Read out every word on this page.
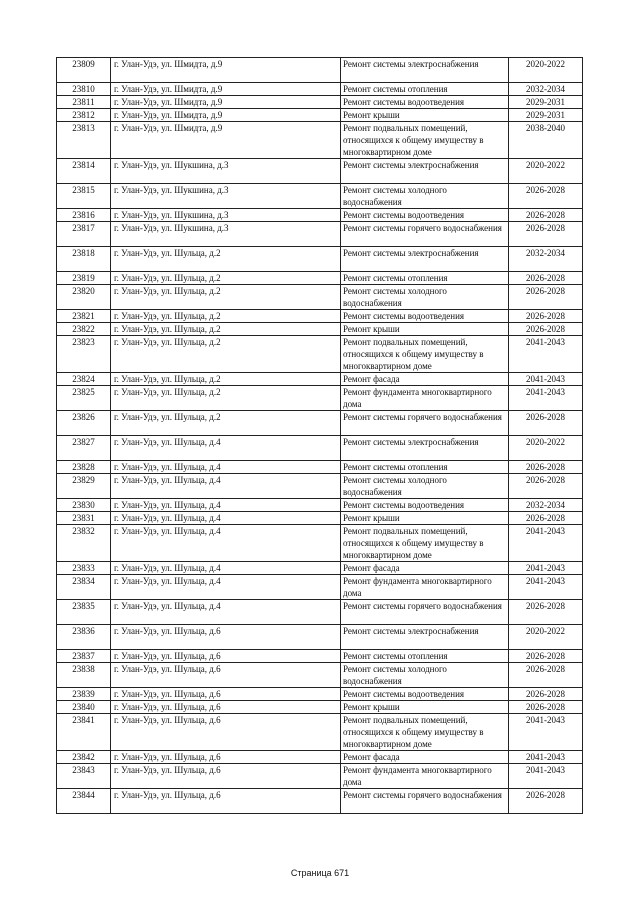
23809	г. Улан-Удэ, ул. Шмидта, д.9	Ремонт системы электроснабжения	2020-2022
23810	г. Улан-Удэ, ул. Шмидта, д.9	Ремонт системы отопления	2032-2034
23811	г. Улан-Удэ, ул. Шмидта, д.9	Ремонт системы водоотведения	2029-2031
23812	г. Улан-Удэ, ул. Шмидта, д.9	Ремонт крыши	2029-2031
23813	г. Улан-Удэ, ул. Шмидта, д.9	Ремонт подвальных помещений, относящихся к общему имуществу в многоквартирном доме	2038-2040
23814	г. Улан-Удэ, ул. Шукшина, д.3	Ремонт системы электроснабжения	2020-2022
23815	г. Улан-Удэ, ул. Шукшина, д.3	Ремонт системы холодного водоснабжения	2026-2028
23816	г. Улан-Удэ, ул. Шукшина, д.3	Ремонт системы водоотведения	2026-2028
23817	г. Улан-Удэ, ул. Шукшина, д.3	Ремонт системы горячего водоснабжения	2026-2028
23818	г. Улан-Удэ, ул. Шульца, д.2	Ремонт системы электроснабжения	2032-2034
23819	г. Улан-Удэ, ул. Шульца, д.2	Ремонт системы отопления	2026-2028
23820	г. Улан-Удэ, ул. Шульца, д.2	Ремонт системы холодного водоснабжения	2026-2028
23821	г. Улан-Удэ, ул. Шульца, д.2	Ремонт системы водоотведения	2026-2028
23822	г. Улан-Удэ, ул. Шульца, д.2	Ремонт крыши	2026-2028
23823	г. Улан-Удэ, ул. Шульца, д.2	Ремонт подвальных помещений, относящихся к общему имуществу в многоквартирном доме	2041-2043
23824	г. Улан-Удэ, ул. Шульца, д.2	Ремонт фасада	2041-2043
23825	г. Улан-Удэ, ул. Шульца, д.2	Ремонт фундамента многоквартирного дома	2041-2043
23826	г. Улан-Удэ, ул. Шульца, д.2	Ремонт системы горячего водоснабжения	2026-2028
23827	г. Улан-Удэ, ул. Шульца, д.4	Ремонт системы электроснабжения	2020-2022
23828	г. Улан-Удэ, ул. Шульца, д.4	Ремонт системы отопления	2026-2028
23829	г. Улан-Удэ, ул. Шульца, д.4	Ремонт системы холодного водоснабжения	2026-2028
23830	г. Улан-Удэ, ул. Шульца, д.4	Ремонт системы водоотведения	2032-2034
23831	г. Улан-Удэ, ул. Шульца, д.4	Ремонт крыши	2026-2028
23832	г. Улан-Удэ, ул. Шульца, д.4	Ремонт подвальных помещений, относящихся к общему имуществу в многоквартирном доме	2041-2043
23833	г. Улан-Удэ, ул. Шульца, д.4	Ремонт фасада	2041-2043
23834	г. Улан-Удэ, ул. Шульца, д.4	Ремонт фундамента многоквартирного дома	2041-2043
23835	г. Улан-Удэ, ул. Шульца, д.4	Ремонт системы горячего водоснабжения	2026-2028
23836	г. Улан-Удэ, ул. Шульца, д.6	Ремонт системы электроснабжения	2020-2022
23837	г. Улан-Удэ, ул. Шульца, д.6	Ремонт системы отопления	2026-2028
23838	г. Улан-Удэ, ул. Шульца, д.6	Ремонт системы холодного водоснабжения	2026-2028
23839	г. Улан-Удэ, ул. Шульца, д.6	Ремонт системы водоотведения	2026-2028
23840	г. Улан-Удэ, ул. Шульца, д.6	Ремонт крыши	2026-2028
23841	г. Улан-Удэ, ул. Шульца, д.6	Ремонт подвальных помещений, относящихся к общему имуществу в многоквартирном доме	2041-2043
23842	г. Улан-Удэ, ул. Шульца, д.6	Ремонт фасада	2041-2043
23843	г. Улан-Удэ, ул. Шульца, д.6	Ремонт фундамента многоквартирного дома	2041-2043
23844	г. Улан-Удэ, ул. Шульца, д.6	Ремонт системы горячего водоснабжения	2026-2028
Страница 671
